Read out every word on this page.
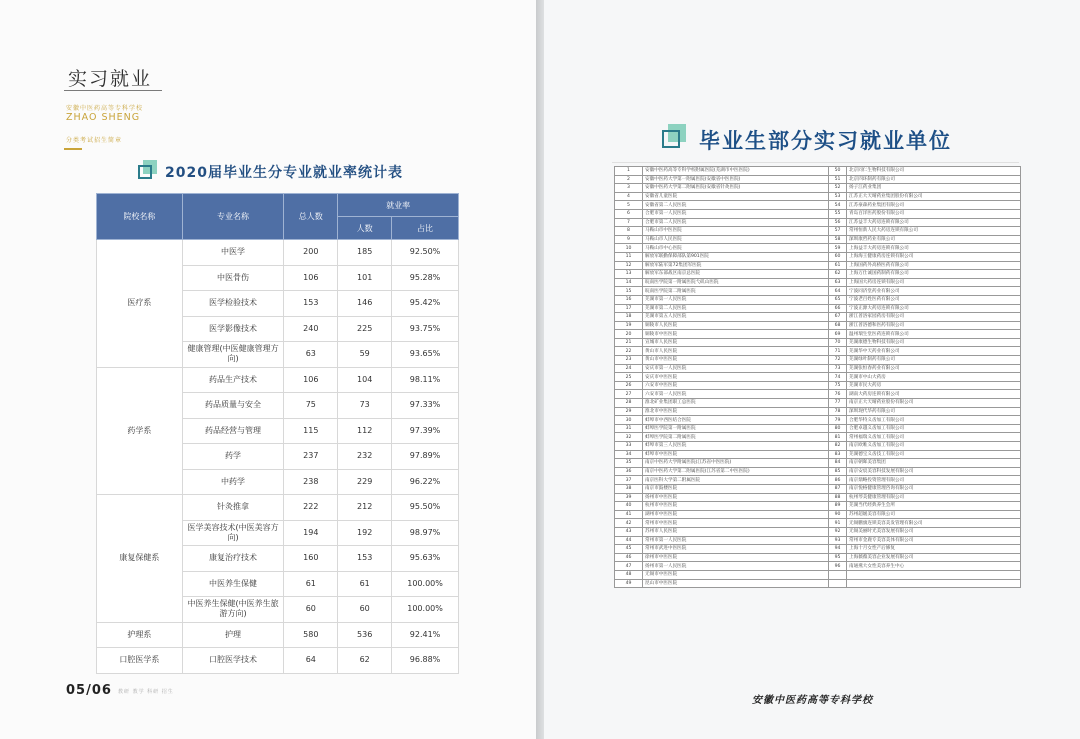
实习就业
安徽中医药高等专科学校
ZHAO SHENG
分类考试招生简章
2020届毕业生分专业就业率统计表
院校名称	专业名称	总人数	就业率	
			人数	占比
医疗系	中医学	200	185	92.50%
	中医骨伤	106	101	95.28%
	医学检验技术	153	146	95.42%
	医学影像技术	240	225	93.75%
	健康管理(中医健康管理方向)	63	59	93.65%
药学系	药品生产技术	106	104	98.11%
	药品质量与安全	75	73	97.33%
	药品经营与管理	115	112	97.39%
	药学	237	232	97.89%
	中药学	238	229	96.22%
康复保健系	针灸推拿	222	212	95.50%
	医学美容技术(中医美容方向)	194	192	98.97%
	康复治疗技术	160	153	95.63%
	中医养生保健	61	61	100.00%
	中医养生保健(中医养生旅游方向)	60	60	100.00%
护理系	护理	580	536	92.41%
口腔医学系	口腔医学技术	64	62	96.88%
05/06 教研 教学 科研 招生
毕业生部分实习就业单位
1	安徽中医药高等专科学校附属医院(芜湖市中医医院)	50	北京同仁生物科技有限公司
2	安徽中医药大学第一附属医院(安徽省中医医院)	51	北京四环制药有限公司
3	安徽中医药大学第二附属医院(安徽省针灸医院)	52	扬子江药业集团
4	安徽省儿童医院	53	江苏正大天晴药业集团股份有限公司
5	安徽省第二人民医院	54	江苏豪森药业集团有限公司
6	合肥市第一人民医院	55	青岛百洋医药股份有限公司
7	合肥市第二人民医院	56	江苏益丰大药房连锁有限公司
8	马鞍山市中医医院	57	常州恒新人民大药房连锁有限公司
9	马鞍山市人民医院	58	深圳康哲药业有限公司
10	马鞍山市中心医院	59	上海益丰大药房连锁有限公司
11	解放军联勤保障部队第901医院	60	上海海王健康药房连锁有限公司
12	解放军陆军第72集团军医院	61	上海国药外高桥医药有限公司
13	解放军东部战区南京总医院	62	上海万仕诚国药制药有限公司
14	皖南医学院第一附属医院弋矶山医院	63	上海国大药房连锁有限公司
15	皖南医学院第二附属医院	64	宁波同济堂药业有限公司
16	芜湖市第一人民医院	65	宁波老百姓医药有限公司
17	芜湖市第二人民医院	66	宁波正源大药房连锁有限公司
18	芜湖市第五人民医院	67	浙江普洛家园药房有限公司
19	铜陵市人民医院	68	浙江普洛德和医药有限公司
20	铜陵市中医医院	69	温州瑞生堂医药连锁有限公司
21	宣城市人民医院	70	芜湖康德生物科技有限公司
22	黄山市人民医院	71	芜湖华中天药业有限公司
23	黄山市中医医院	72	芜湖绿叶制药有限公司
24	安庆市第一人民医院	73	芜湖张恒春药业有限公司
25	安庆市中医医院	74	芜湖市中山大药房
26	六安市中医医院	75	芜湖市民大药房
27	六安市第一人民医院	76	湖南大药房连锁有限公司
28	淮北矿业集团职工总医院	77	南京正大天晴药业股份有限公司
29	淮北市中医医院	78	深圳现代华药有限公司
30	蚌埠市中西医结合医院	79	合肥华特义齿加工有限公司
31	蚌埠医学院第一附属医院	80	合肥卓越义齿加工有限公司
32	蚌埠医学院第二附属医院	81	常州福瑞义齿加工有限公司
33	蚌埠市第三人民医院	82	南京欧唯义齿加工有限公司
34	蚌埠市中医医院	83	芜湖德宝义齿技工有限公司
35	南京中医药大学附属医院(江苏省中医医院)	84	南京朝晖美容集团
36	南京中医药大学第二附属医院(江苏省第二中医医院)	85	南京安宸美容科技发展有限公司
37	南京医科大学第二附属医院	86	南京鼎略投资管理有限公司
38	南京市鼓楼医院	87	南京悦格健康管理咨询有限公司
39	扬州市中医医院	88	杭州琴美健康管理有限公司
40	杭州市中医医院	89	芜湖当代经典养生会所
41	湖州市中医医院	90	苏州超媛美容有限公司
42	常州市中医医院	91	无锡鹏旗连锁美容美发管理有限公司
43	苏州市人民医院	92	无锡美丽时光美容发展有限公司
44	常州市第一人民医院	93	常州市金鹿专美容美体有限公司
45	常州市武进中医医院	94	上海十月女性产后修复
46	徐州市中医医院	95	上海薇薇美容企业发展有限公司
47	扬州市第一人民医院	96	南通燕大女性美容养生中心
48	无锡市中医医院		
49	昆山市中医医院		
安徽中医药高等专科学校
